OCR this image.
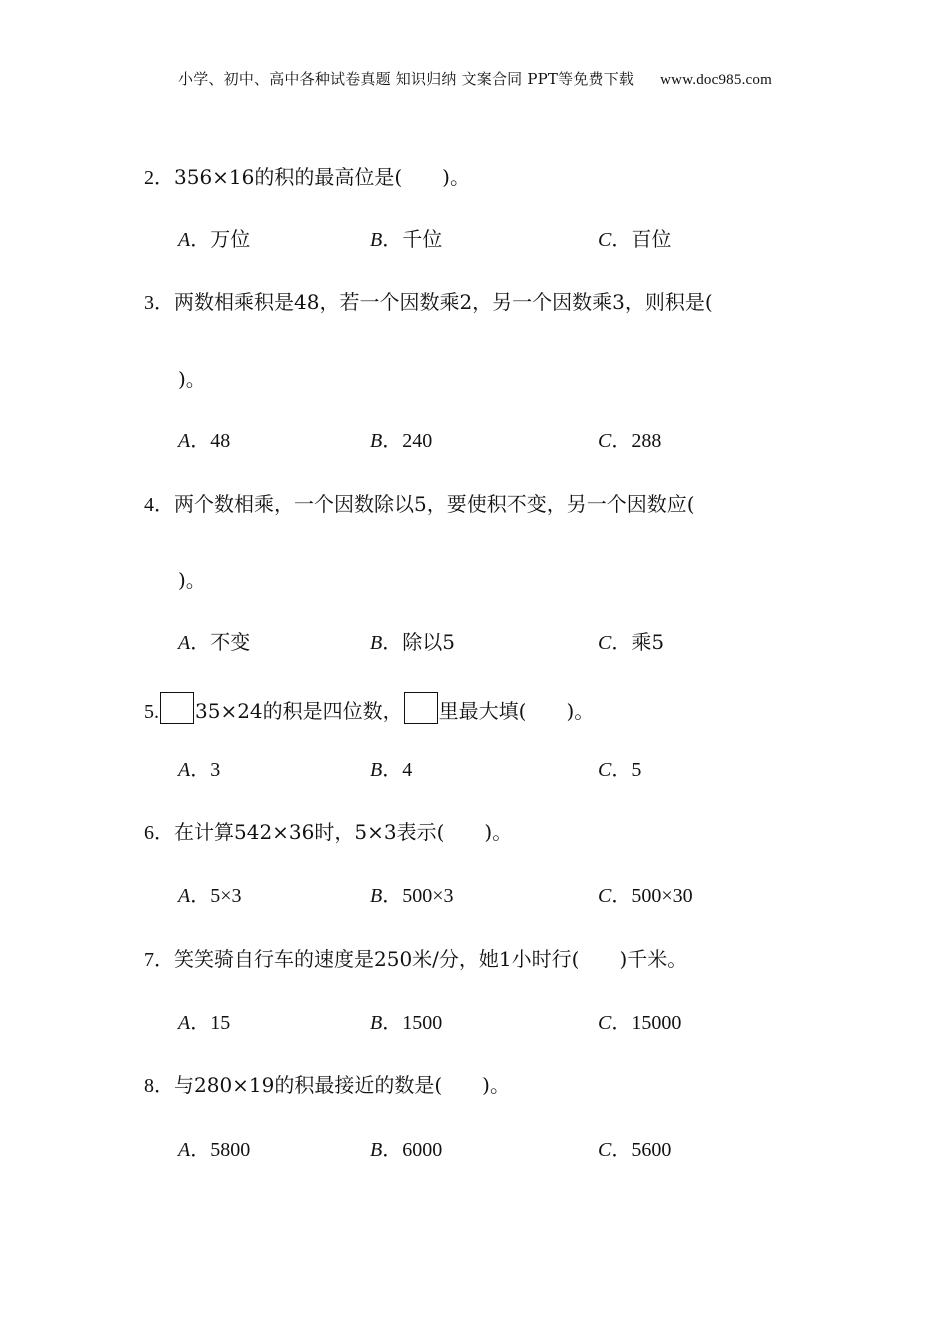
小学、初中、高中各种试卷真题 知识归纳 文案合同 PPT等免费下载 www.doc985.com
2．356×16的积的最高位是(　　)。
A．万位	B．千位	C．百位
3．两数相乘积是48，若一个因数乘2，另一个因数乘3，则积是(
)。
A．48	B．240	C．288
4．两个数相乘，一个因数除以5，要使积不变，另一个因数应(
)。
A．不变	B．除以5	C．乘5
5. 35×24的积是四位数， 里最大填(　　)。
A．3	B．4	C．5
6．在计算542×36时，5×3表示(　　)。
A．5×3	B．500×3	C．500×30
7．笑笑骑自行车的速度是250米/分，她1小时行(　　)千米。
A．15	B．1500	C．15000
8．与280×19的积最接近的数是(　　)。
A．5800	B．6000	C．5600
